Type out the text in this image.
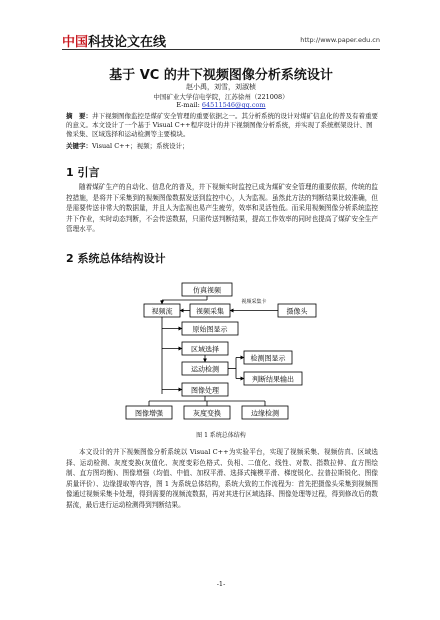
中国科技论文在线	http://www.paper.edu.cn
基于 VC 的井下视频图像分析系统设计
赵小禹，刘雪，刘淑桢
中国矿业大学信电学院，江苏徐州（221008）
E-mail: 64511546@qq.com
摘　要：井下视频图像监控是煤矿安全管理的重要依据之一。其分析系统的设计对煤矿信息化的普及有着重要的意义。本文设计了一个基于 Visual C++程序设计的井下视频图像分析系统，并实现了系统框架设计、图像采集、区域选择和运动检测等主要模块。
关键字：Visual C++；视频；系统设计；
1 引言
随着煤矿生产的自动化、信息化的普及，井下视频实时监控已成为煤矿安全管理的重要依据，传统的监控措施，是将井下采集到的视频图像数据发送到监控中心，人为监视。虽然此方法的判断结果比较准确，但是需要传送非常大的数据量，并且人为监视也易产生疲劳，效率和灵活性低。而采用视频图像分析系统监控井下作业，实时动态判断，不会传送数据，只需传送判断结果，提高工作效率的同时也提高了煤矿安全生产管理水平。
2 系统总体结构设计
仿真视频
视频流	视频采集	摄像头
原始图显示
区域选择
运动检测
图像处理
检测图显示
判断结果输出
图像增强	灰度变换	边缘检测
视频采集卡
图 1 系统总体结构
本文设计的井下视频图像分析系统以 Visual C++为实验平台，实现了视频采集、视频仿真、区域选择、运动检测、灰度变换(灰值化、灰度变彩色格式、负相、二值化、线性、对数、指数拉伸、直方图绘制、直方图均衡)、图像增强（均值、中值、加权平滑、选择式掩模平滑、梯度锐化、拉普拉斯锐化、图像质量评价）、边缘提取等内容，图 1 为系统总体结构，系统大致的工作流程为：首先把摄像头采集到视频图像通过视频采集卡处理，得到需要的视频流数据，再对其进行区域选择、图像处理等过程，得到修改后的数据流，最后进行运动检测得到判断结果。
-1-
